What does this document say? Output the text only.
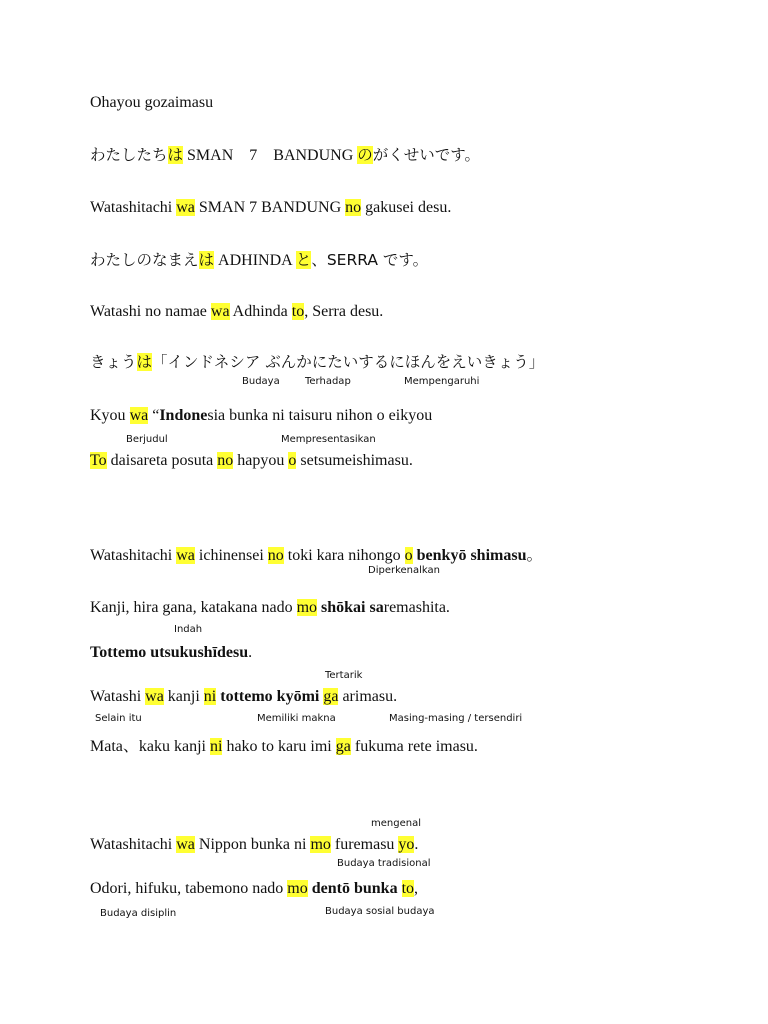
Ohayou gozaimasu
わたしたちは SMAN　7　BANDUNG のがくせいです。
Watashitachi wa SMAN 7 BANDUNG no gakusei desu.
わたしのなまえは ADHINDA と、SERRA です。
Watashi no namae wa Adhinda to, Serra desu.
きょうは「インドネシア ぶんかにたいするにほんをえいきょう」
Budaya	Terhadap	Mempengaruhi
Kyou wa “Indonesia bunka ni taisuru nihon o eikyou
Berjudul	Mempresentasikan
To daisareta posuta no hapyou o setsumeishimasu.
Watashitachi wa ichinensei no toki kara nihongo o benkyō shimasu。
Diperkenalkan
Kanji, hira gana, katakana nado mo shōkai saremashita.
Indah
Tottemo utsukushīdesu.
Tertarik
Watashi wa kanji ni tottemo kyōmi ga arimasu.
Selain itu	Memiliki makna	Masing-masing / tersendiri
Mata、kaku kanji ni hako to karu imi ga fukuma rete imasu.
mengenal
Watashitachi wa Nippon bunka ni mo furemasu yo.
Budaya tradisional
Odori, hifuku, tabemono nado mo dentō bunka to,
Budaya disiplin	Budaya sosial budaya
